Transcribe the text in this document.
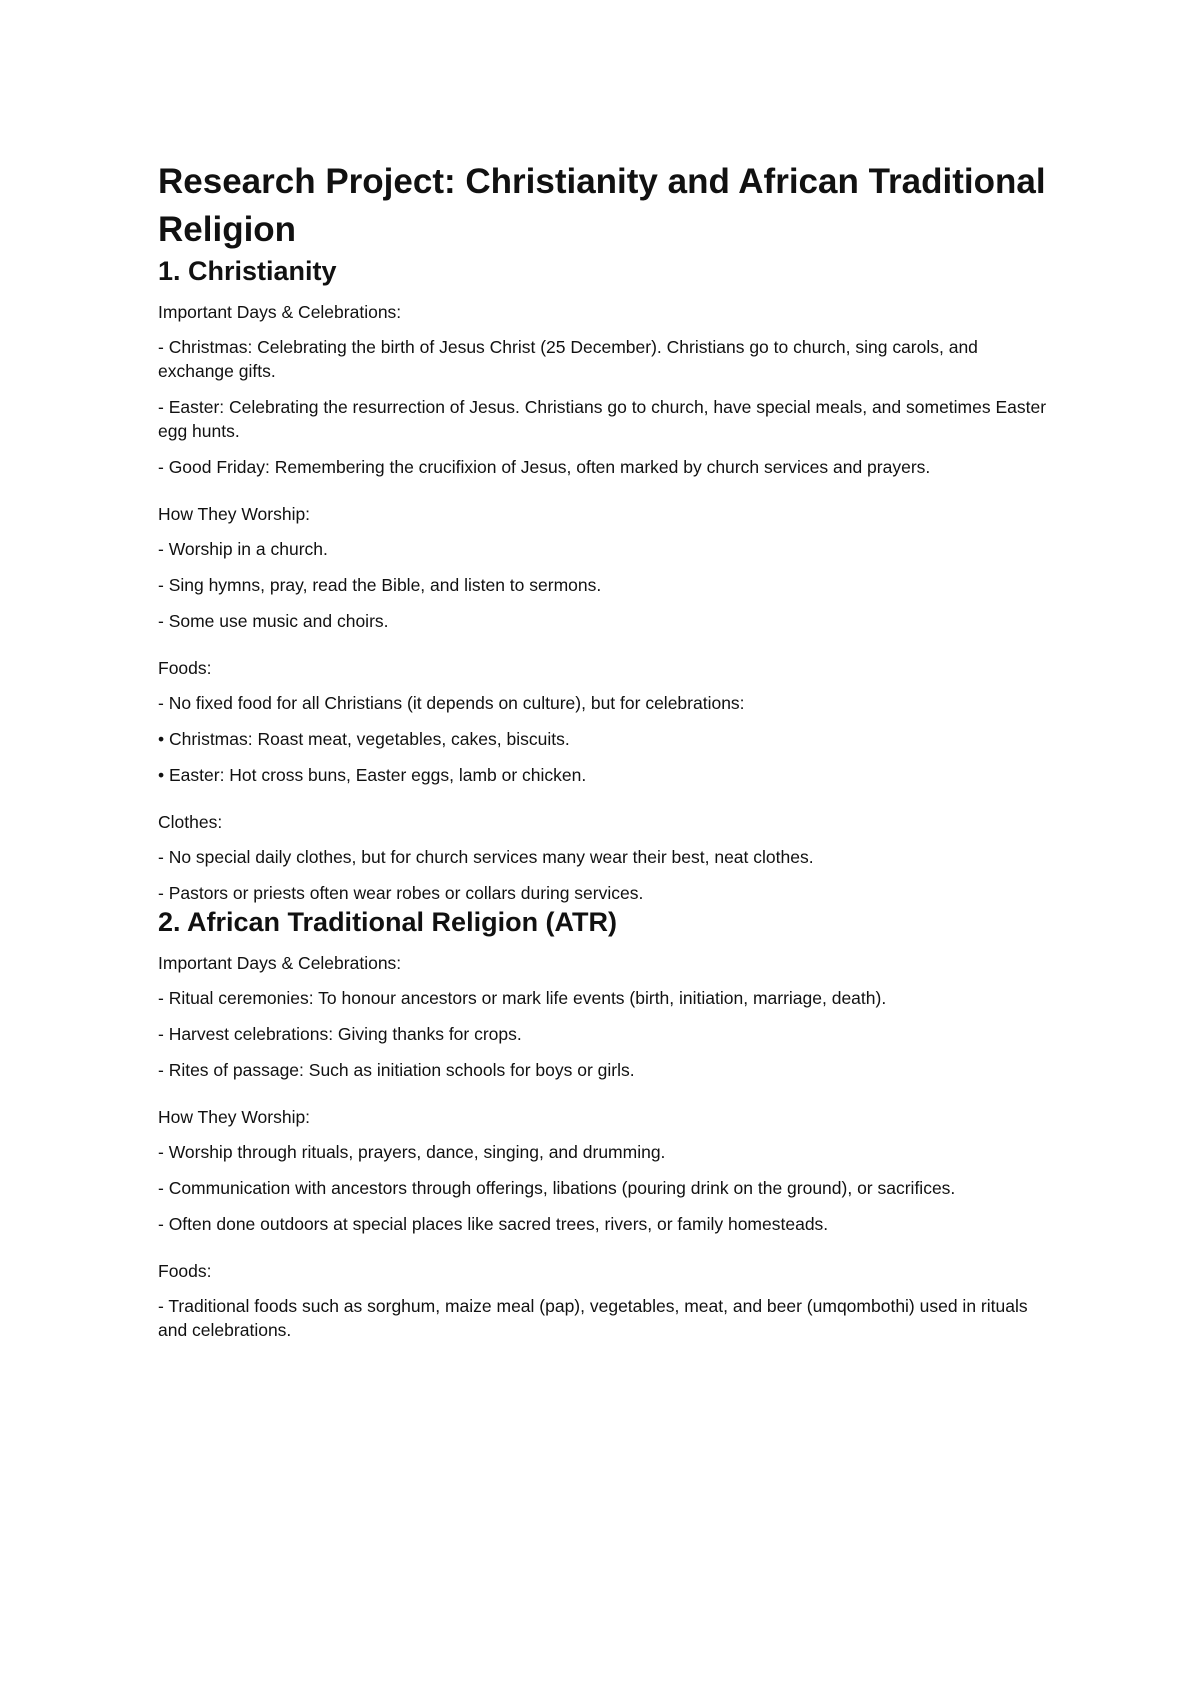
Research Project: Christianity and African Traditional Religion
1. Christianity

Important Days & Celebrations:

- Christmas: Celebrating the birth of Jesus Christ (25 December). Christians go to church, sing carols, and exchange gifts.

- Easter: Celebrating the resurrection of Jesus. Christians go to church, have special meals, and sometimes Easter egg hunts.

- Good Friday: Remembering the crucifixion of Jesus, often marked by church services and prayers.

How They Worship:

- Worship in a church.

- Sing hymns, pray, read the Bible, and listen to sermons.

- Some use music and choirs.

Foods:

- No fixed food for all Christians (it depends on culture), but for celebrations:

• Christmas: Roast meat, vegetables, cakes, biscuits.

• Easter: Hot cross buns, Easter eggs, lamb or chicken.

Clothes:

- No special daily clothes, but for church services many wear their best, neat clothes.

- Pastors or priests often wear robes or collars during services.

2. African Traditional Religion (ATR)

Important Days & Celebrations:

- Ritual ceremonies: To honour ancestors or mark life events (birth, initiation, marriage, death).

- Harvest celebrations: Giving thanks for crops.

- Rites of passage: Such as initiation schools for boys or girls.

How They Worship:

- Worship through rituals, prayers, dance, singing, and drumming.

- Communication with ancestors through offerings, libations (pouring drink on the ground), or sacrifices.

- Often done outdoors at special places like sacred trees, rivers, or family homesteads.

Foods:

- Traditional foods such as sorghum, maize meal (pap), vegetables, meat, and beer (umqombothi) used in rituals and celebrations.
